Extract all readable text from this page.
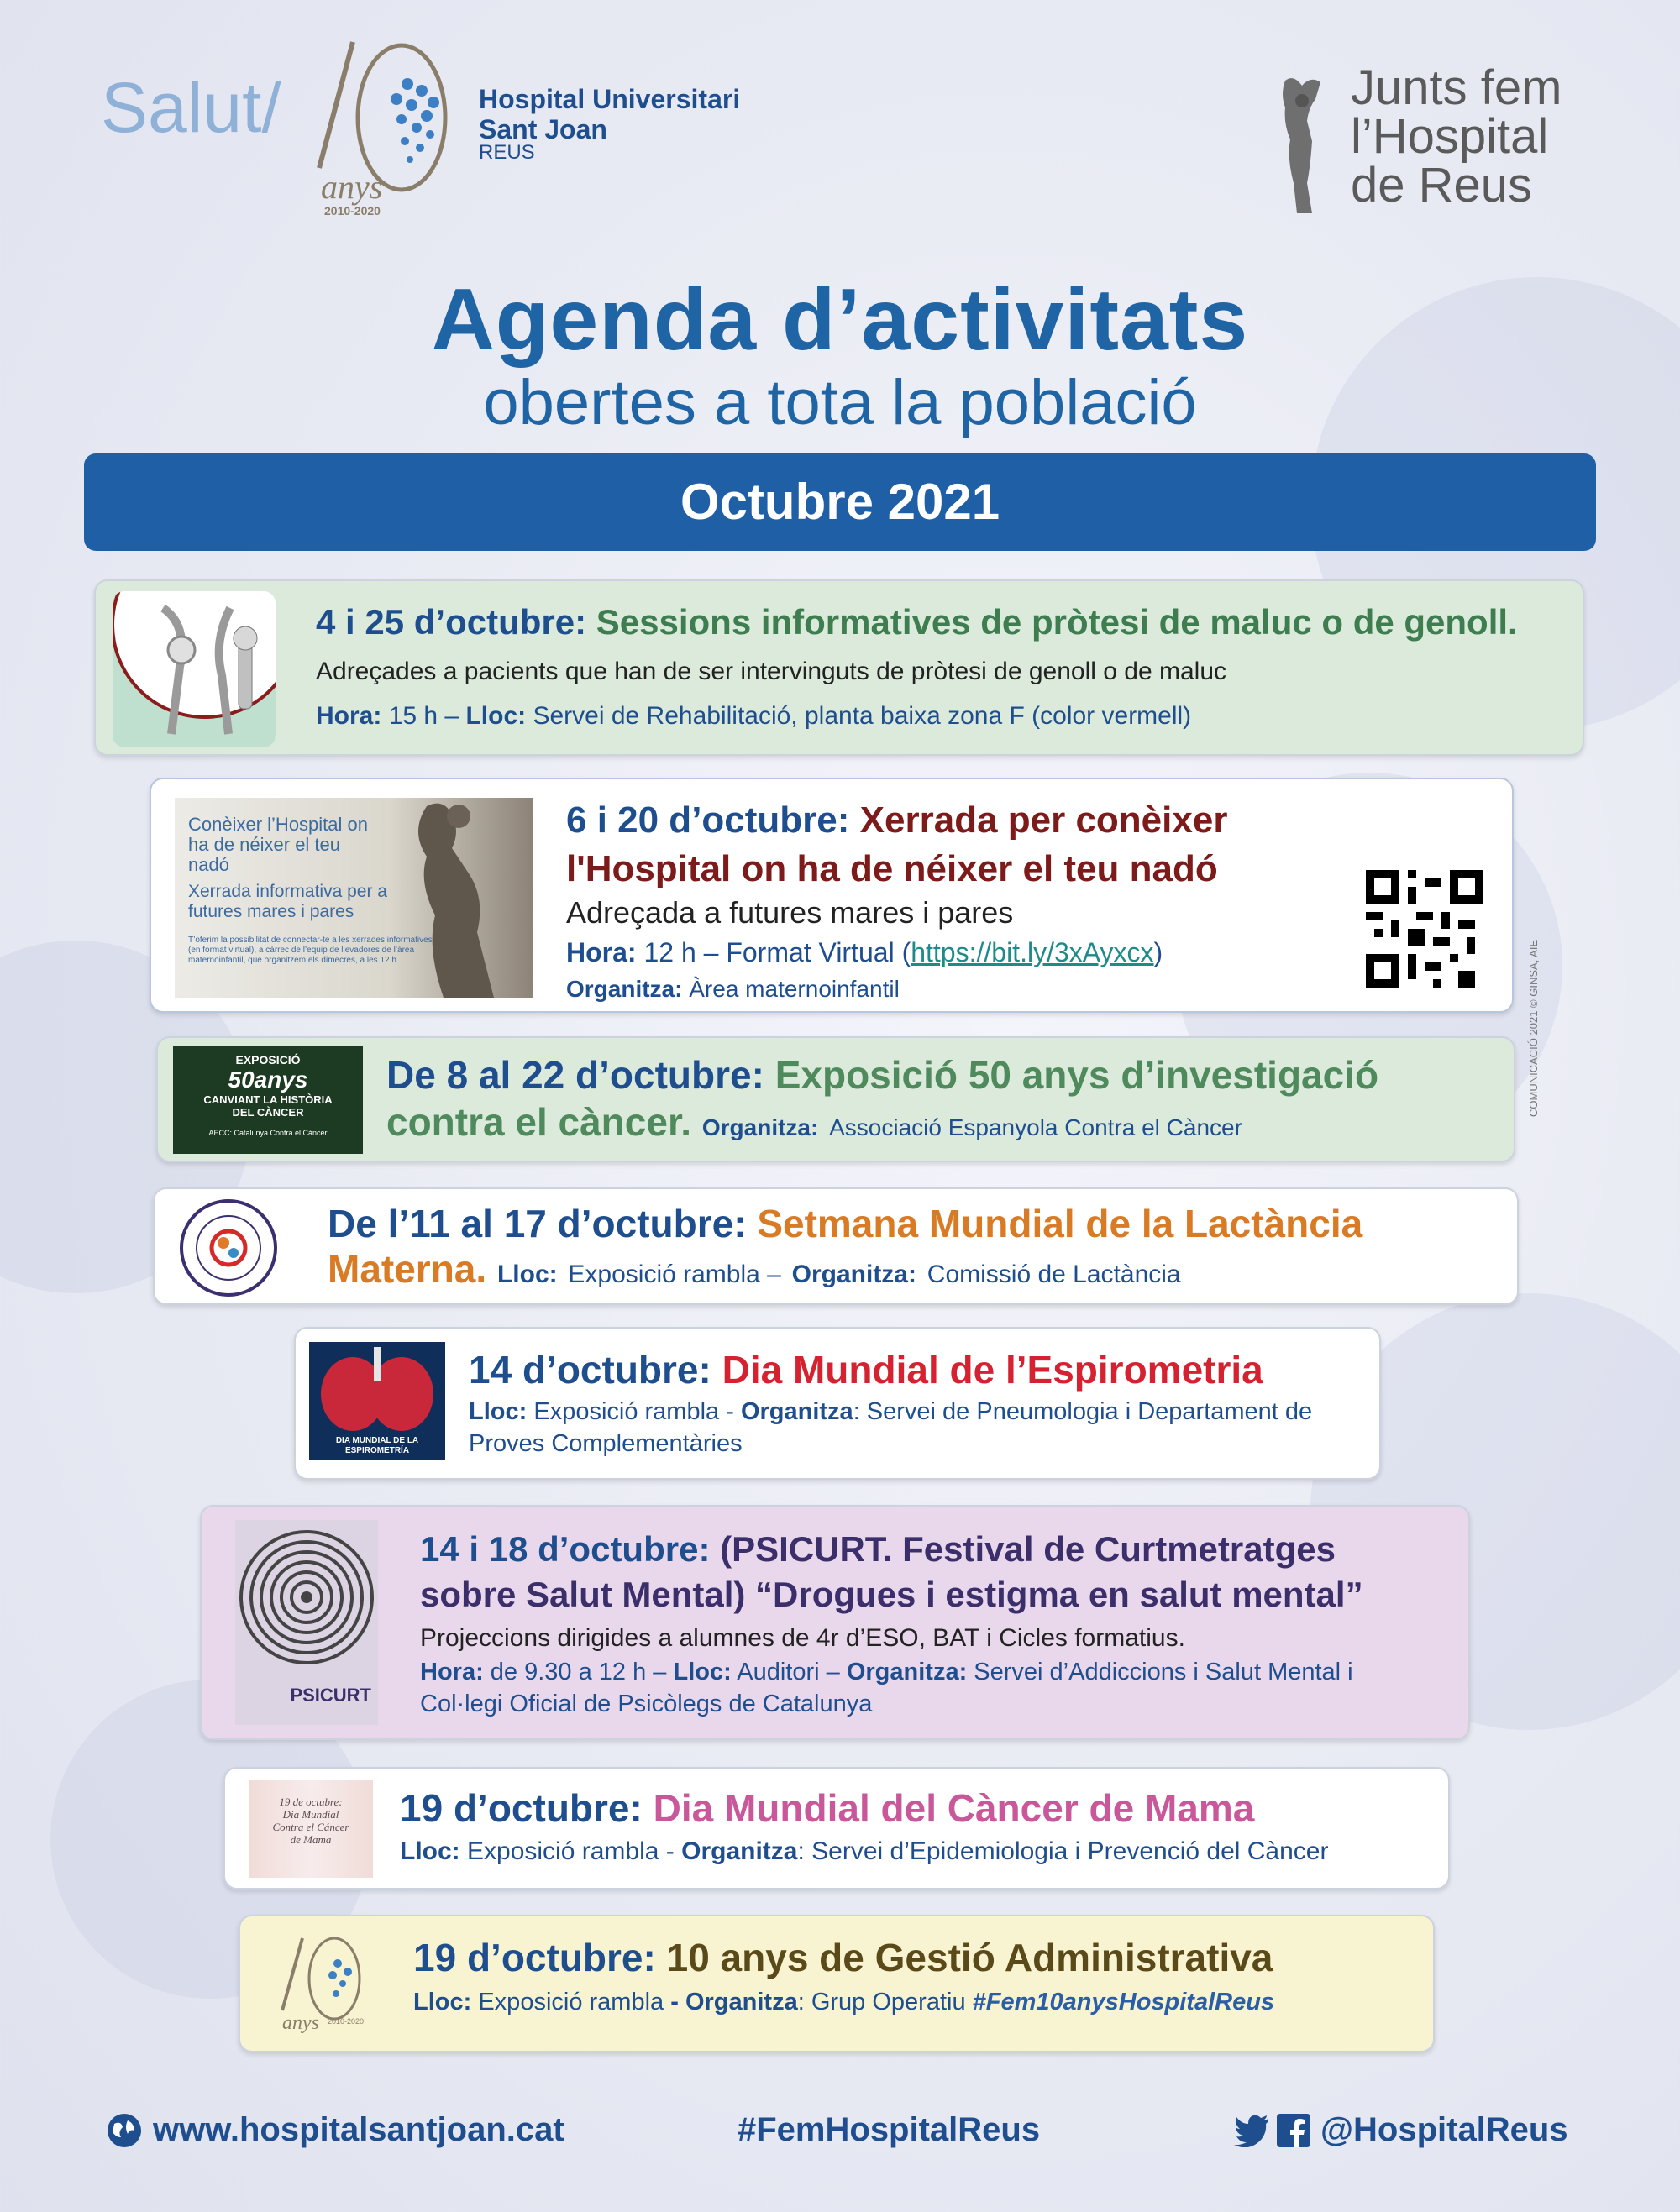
Salut/
anys
2010-2020
Hospital Universitari
Sant Joan
REUS
Junts fem
l’Hospital
de Reus
Agenda d’activitats
obertes a tota la població
Octubre 2021
4 i 25 d’octubre: Sessions informatives de pròtesi de maluc o de genoll. Adreçades a pacients que han de ser intervinguts de pròtesi de genoll o de maluc
Hora: 15 h – Lloc: Servei de Rehabilitació, planta baixa zona F (color vermell)
Conèixer l’Hospital on ha de néixer el teu nadó
Xerrada informativa per a futures mares i pares
T’oferim la possibilitat de connectar-te a les xerrades informatives (en format virtual), a càrrec de l’equip de llevadores de l’àrea maternoinfantil, que organitzem els dimecres, a les 12 h
6 i 20 d’octubre: Xerrada per conèixer
l'Hospital on ha de néixer el teu nadó
Adreçada a futures mares i pares
Hora: 12 h – Format Virtual (https://bit.ly/3xAyxcx)
Organitza: Àrea maternoinfantil
EXPOSICIÓ
50anys
CANVIANT LA HISTÒRIA DEL CÀNCER
AECC: Catalunya Contra el Càncer
De 8 al 22 d’octubre: Exposició 50 anys d’investigació contra el càncer. Organitza: Associació Espanyola Contra el Càncer
De l’11 al 17 d’octubre: Setmana Mundial de la Lactància Materna. Lloc: Exposició rambla – Organitza: Comissió de Lactància
DIA MUNDIAL DE LA ESPIROMETRÍA
14 d’octubre: Dia Mundial de l’Espirometria
Lloc: Exposició rambla - Organitza: Servei de Pneumologia i Departament de Proves Complementàries
PSICURT
14 i 18 d’octubre: (PSICURT. Festival de Curtmetratges sobre Salut Mental) “Drogues i estigma en salut mental”
Projeccions dirigides a alumnes de 4r d’ESO, BAT i Cicles formatius.
Hora: de 9.30 a 12 h – Lloc: Auditori – Organitza: Servei d’Addiccions i Salut Mental i Col·legi Oficial de Psicòlegs de Catalunya
19 de octubre: Dia Mundial Contra el Cáncer de Mama
19 d’octubre: Dia Mundial del Càncer de Mama
Lloc: Exposició rambla - Organitza: Servei d’Epidemiologia i Prevenció del Càncer
anys 2010-2020
19 d’octubre: 10 anys de Gestió Administrativa
Lloc: Exposició rambla - Organitza: Grup Operatiu #Fem10anysHospitalReus
COMUNICACIÓ 2021 © GINSA, AIE
www.hospitalsantjoan.cat	#FemHospitalReus	@HospitalReus
